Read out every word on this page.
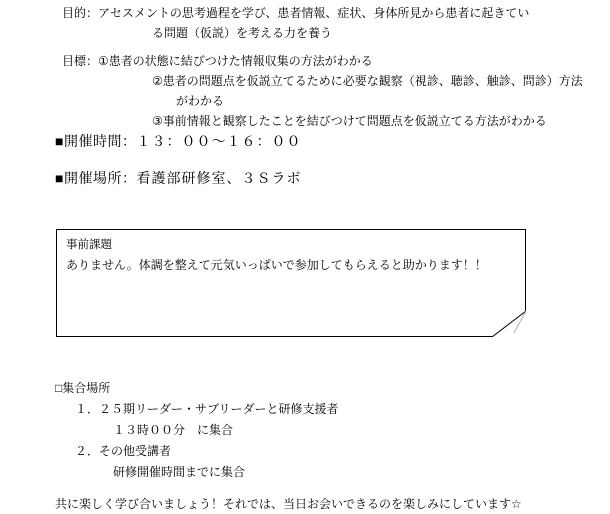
目的： アセスメントの思考過程を学び、患者情報、症状、身体所見から患者に起きてい
る問題（仮説）を考える力を養う
目標： ①患者の状態に結びつけた情報収集の方法がわかる
②患者の問題点を仮説立てるために必要な観察（視診、聴診、触診、問診）方法
がわかる
③事前情報と観察したことを結びつけて問題点を仮説立てる方法がわかる
■開催時間：１３：００～１６：００
■開催場所：看護部研修室、３Ｓラボ
事前課題
ありません。体調を整えて元気いっぱいで参加してもらえると助かります！！
□集合場所
１．２５期リーダー・サブリーダーと研修支援者
１３時００分　に集合
２．その他受講者
研修開催時間までに集合
共に楽しく学び合いましょう！それでは、当日お会いできるのを楽しみにしています☆
